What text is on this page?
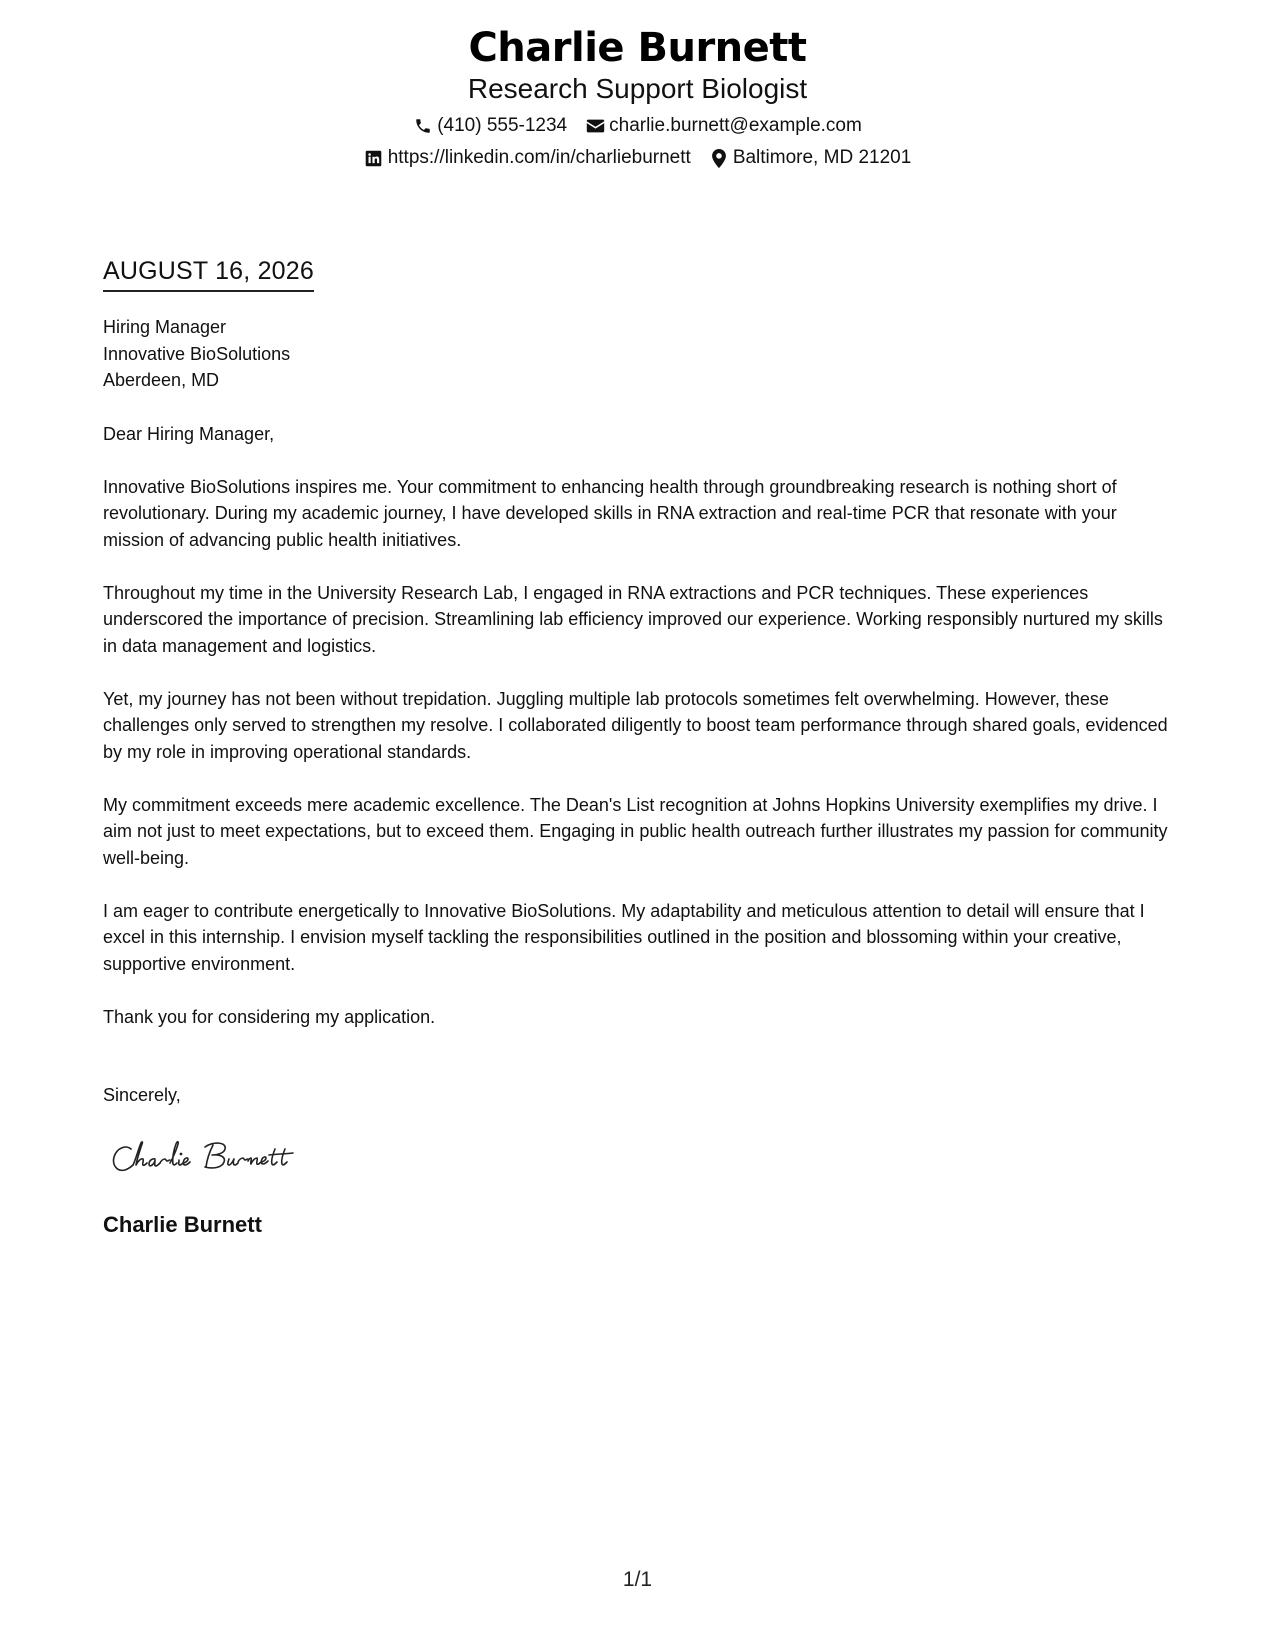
Charlie Burnett
Research Support Biologist
(410) 555-1234 charlie.burnett@example.com
https://linkedin.com/in/charlieburnett Baltimore, MD 21201
AUGUST 16, 2026
Hiring Manager
Innovative BioSolutions
Aberdeen, MD
Dear Hiring Manager,
Innovative BioSolutions inspires me. Your commitment to enhancing health through groundbreaking research is nothing short of revolutionary. During my academic journey, I have developed skills in RNA extraction and real-time PCR that resonate with your mission of advancing public health initiatives.
Throughout my time in the University Research Lab, I engaged in RNA extractions and PCR techniques. These experiences underscored the importance of precision. Streamlining lab efficiency improved our experience. Working responsibly nurtured my skills in data management and logistics.
Yet, my journey has not been without trepidation. Juggling multiple lab protocols sometimes felt overwhelming. However, these challenges only served to strengthen my resolve. I collaborated diligently to boost team performance through shared goals, evidenced by my role in improving operational standards.
My commitment exceeds mere academic excellence. The Dean's List recognition at Johns Hopkins University exemplifies my drive. I aim not just to meet expectations, but to exceed them. Engaging in public health outreach further illustrates my passion for community well-being.
I am eager to contribute energetically to Innovative BioSolutions. My adaptability and meticulous attention to detail will ensure that I excel in this internship. I envision myself tackling the responsibilities outlined in the position and blossoming within your creative, supportive environment.
Thank you for considering my application.
Sincerely,
Charlie Burnett
1/1
